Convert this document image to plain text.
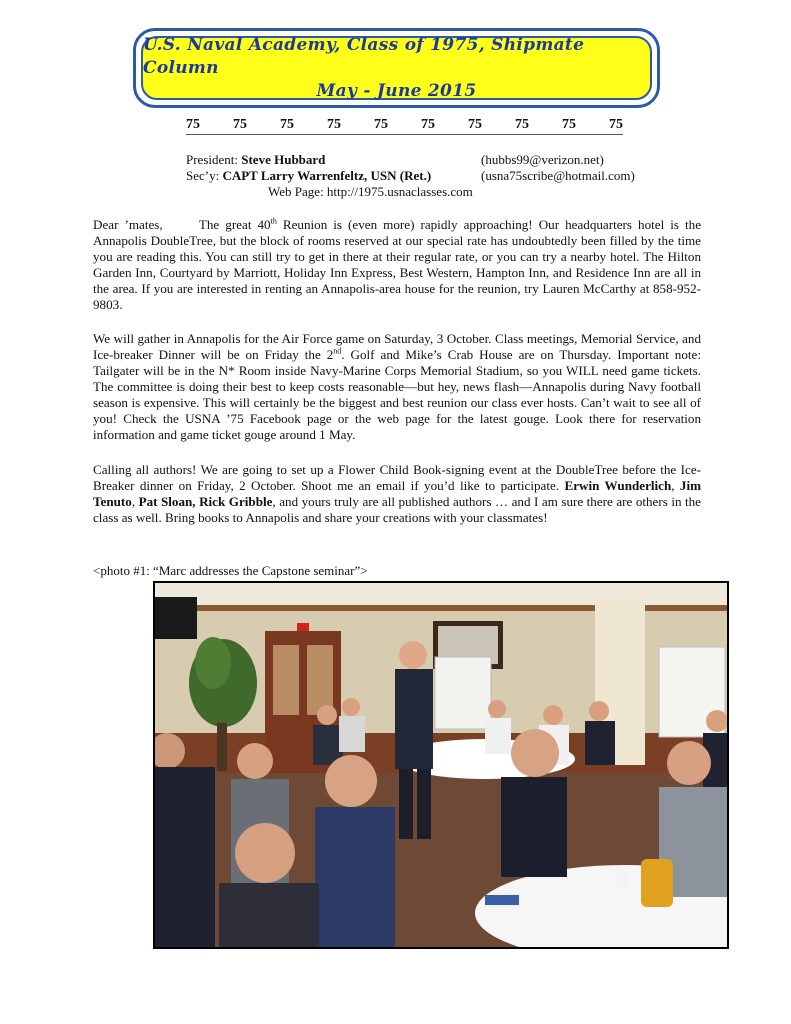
U.S. Naval Academy, Class of 1975, Shipmate Column
May - June 2015
75 75 75 75 75 75 75 75 75 75
President: Steve Hubbard	(hubbs99@verizon.net)
Sec’y: CAPT Larry Warrenfeltz, USN (Ret.)	(usna75scribe@hotmail.com)
Web Page: http://1975.usnaclasses.com

Dear ’mates,	The great 40th Reunion is (even more) rapidly approaching! Our headquarters hotel is the Annapolis DoubleTree, but the block of rooms reserved at our special rate has undoubtedly been filled by the time you are reading this. You can still try to get in there at their regular rate, or you can try a nearby hotel. The Hilton Garden Inn, Courtyard by Marriott, Holiday Inn Express, Best Western, Hampton Inn, and Residence Inn are all in the area. If you are interested in renting an Annapolis-area house for the reunion, try Lauren McCarthy at 858-952-9803.

We will gather in Annapolis for the Air Force game on Saturday, 3 October. Class meetings, Memorial Service, and Ice-breaker Dinner will be on Friday the 2nd. Golf and Mike’s Crab House are on Thursday. Important note: Tailgater will be in the N* Room inside Navy-Marine Corps Memorial Stadium, so you WILL need game tickets. The committee is doing their best to keep costs reasonable—but hey, news flash—Annapolis during Navy football season is expensive. This will certainly be the biggest and best reunion our class ever hosts. Can’t wait to see all of you! Check the USNA ’75 Facebook page or the web page for the latest gouge. Look there for reservation information and game ticket gouge around 1 May.

Calling all authors! We are going to set up a Flower Child Book-signing event at the DoubleTree before the Ice-Breaker dinner on Friday, 2 October. Shoot me an email if you’d like to participate. Erwin Wunderlich, Jim Tenuto, Pat Sloan, Rick Gribble, and yours truly are all published authors … and I am sure there are others in the class as well. Bring books to Annapolis and share your creations with your classmates!

<photo #1: “Marc addresses the Capstone seminar”>
